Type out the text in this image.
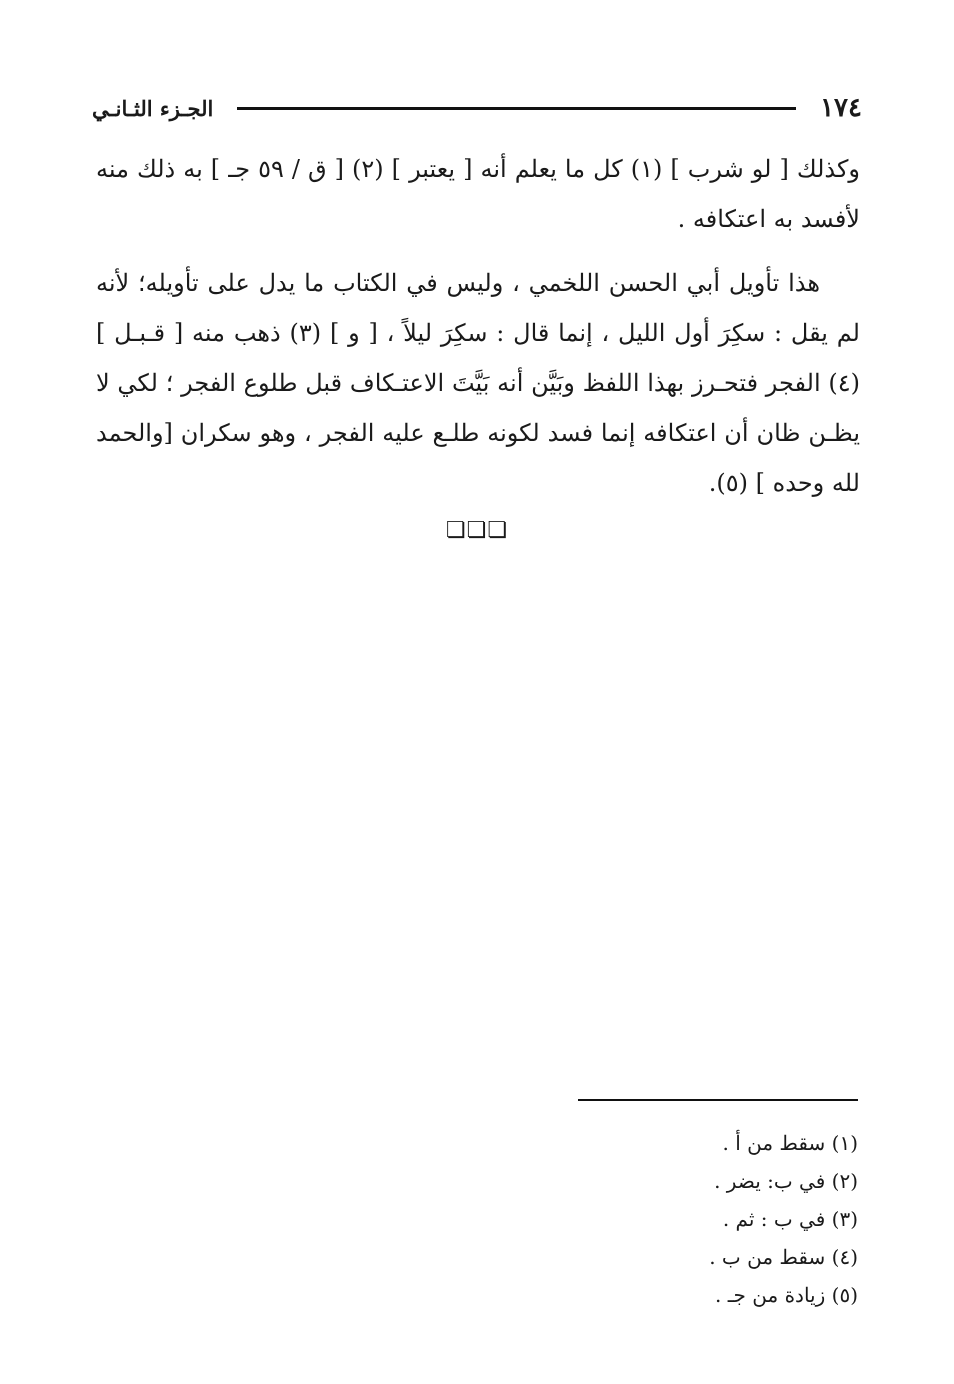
١٧٤
الجـزء الثـانـي

وكذلك [ لو شرب ] (١) كل ما يعلم أنه [ يعتبر ] (٢) [ ق / ٥٩ جـ ] به ذلك منه لأفسد به اعتكافه .

هذا تأويل أبي الحسن اللخمي ، وليس في الكتاب ما يدل على تأويله؛ لأنه لم يقل : سكِرَ أول الليل ، إنما قال : سكِرَ ليلاً ، [ و ] (٣) ذهب منه [ قـبـل ] (٤) الفجر فتحـرز بهذا اللفظ وبَيَّن أنه بَيَّتَ الاعتـكاف قبل طلوع الفجر ؛ لكي لا يظـن ظان أن اعتكافه إنما فسد لكونه طلـع عليه الفجر ، وهو سكران [والحمد لله وحده ] (٥).

❏❏❏
(١) سقط من أ .
(٢) في ب: يضر .
(٣) في ب : ثم .
(٤) سقط من ب .
(٥) زيادة من جـ .
